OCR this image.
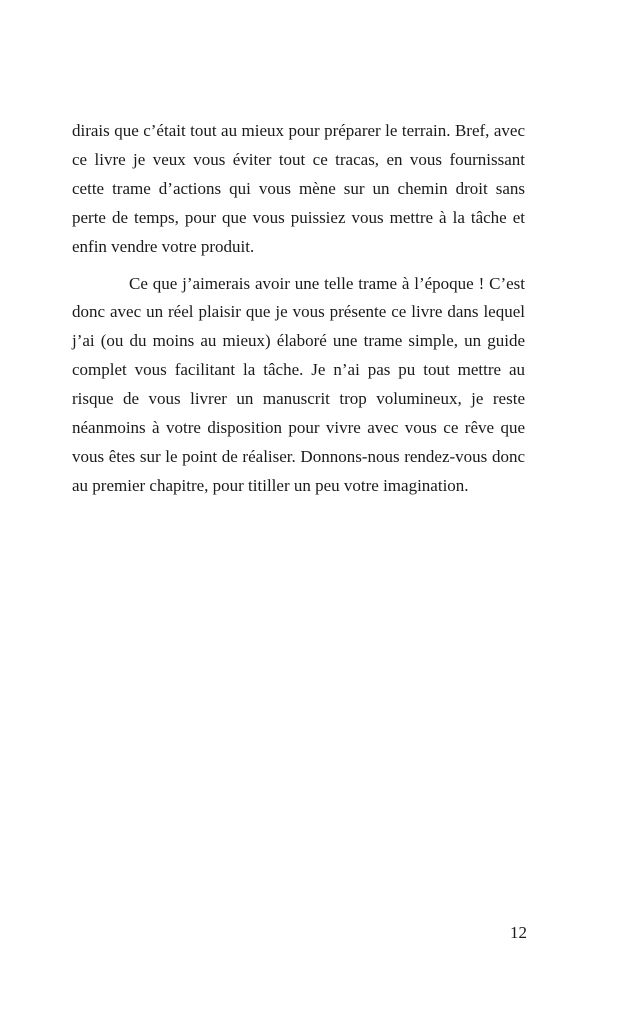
dirais que c’était tout au mieux pour préparer le terrain. Bref, avec ce livre je veux vous éviter tout ce tracas, en vous fournissant cette trame d’actions qui vous mène sur un chemin droit sans perte de temps, pour que vous puissiez vous mettre à la tâche et enfin vendre votre produit.

Ce que j’aimerais avoir une telle trame à l’époque ! C’est donc avec un réel plaisir que je vous présente ce livre dans lequel j’ai (ou du moins au mieux) élaboré une trame simple, un guide complet vous facilitant la tâche. Je n’ai pas pu tout mettre au risque de vous livrer un manuscrit trop volumineux, je reste néanmoins à votre disposition pour vivre avec vous ce rêve que vous êtes sur le point de réaliser. Donnons-nous rendez-vous donc au premier chapitre, pour titiller un peu votre imagination.

12
